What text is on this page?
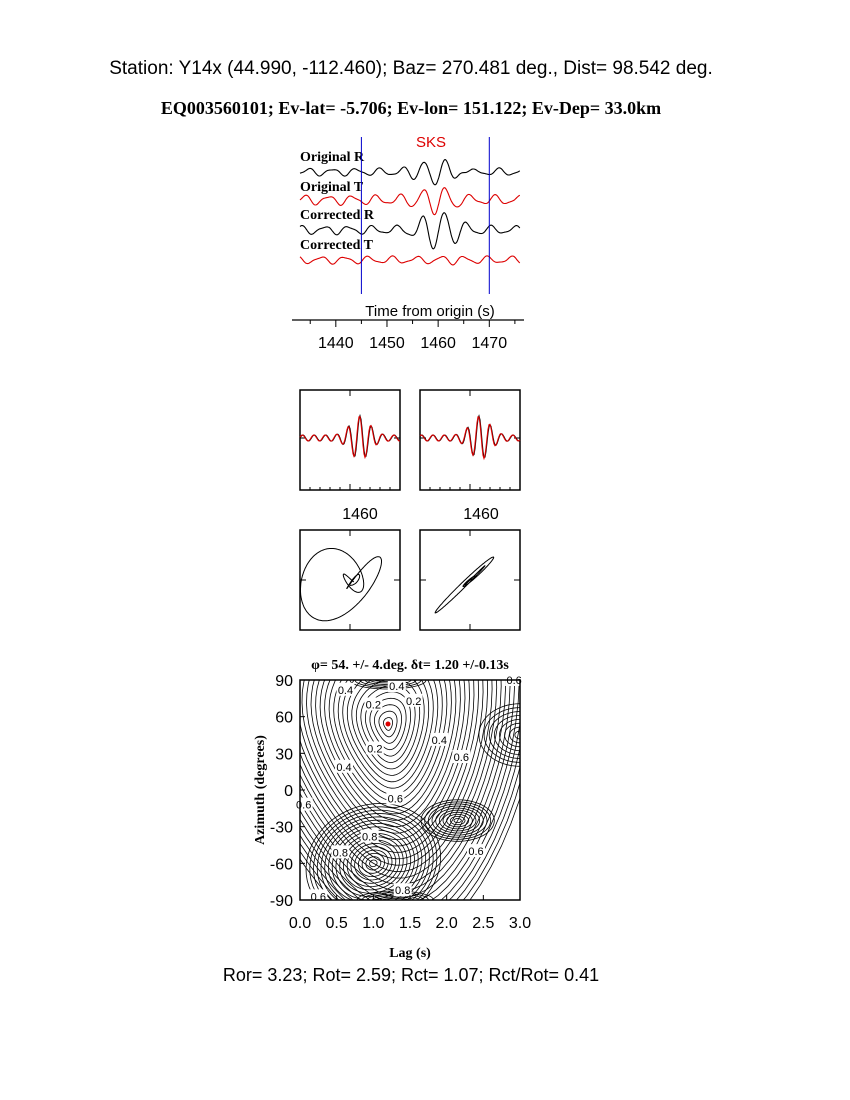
Station: Y14x (44.990, -112.460); Baz= 270.481 deg., Dist= 98.542 deg.
EQ003560101; Ev-lat= -5.706; Ev-lon= 151.122; Ev-Dep= 33.0km
SKS
Original R
Original T
Corrected R
Corrected T
Time from origin (s)
1440 1450 1460 1470
1460	1460
φ= 54. +/- 4.deg. δt= 1.20 +/-0.13s
0.4	0.4
0.2 0.2
0.2
0.4
0.4
0.6
0.6
0.6
0.6
0.8
0.8	0.6
0.8
0.6
0.0 0.5 1.0 1.5 2.0 2.5 3.0
90
60
30
0
-30
-60
-90
Lag (s)
Azimuth (degrees)
Ror= 3.23; Rot= 2.59; Rct= 1.07; Rct/Rot= 0.41
